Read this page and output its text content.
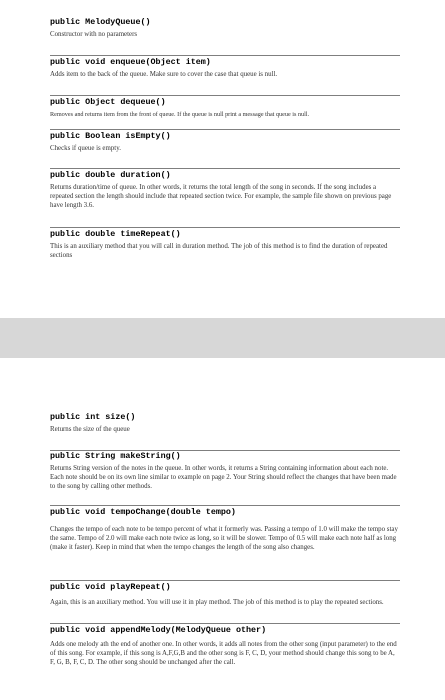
public MelodyQueue()
Constructor with no parameters
public void enqueue(Object item)
Adds item to the back of the queue. Make sure to cover the case that queue is null.
public Object dequeue()
Removes and returns item from the front of queue. If the queue is null print a message that queue is null.
public Boolean isEmpty()
Checks if queue is empty.
public double duration()
Returns duration/time of queue. In other words, it returns the total length of the song in seconds. If the song includes a repeated section the length should include that repeated section twice. For example, the sample file shown on previous page have length 3.6.
public double timeRepeat()
This is an auxiliary method that you will call in duration method. The job of this method is to find the duration of repeated sections
public int size()
Returns the size of the queue
public String makeString()
Returns String version of the notes in the queue. In other words, it returns a String containing information about each note. Each note should be on its own line similar to example on page 2. Your String should reflect the changes that have been made to the song by calling other methods.
public void tempoChange(double tempo)
Changes the tempo of each note to be tempo percent of what it formerly was. Passing a tempo of 1.0 will make the tempo stay the same. Tempo of 2.0 will make each note twice as long, so it will be slower. Tempo of 0.5 will make each note half as long (make it faster). Keep in mind that when the tempo changes the length of the song also changes.
public void playRepeat()
Again, this is an auxiliary method. You will use it in play method. The job of this method is to play the repeated sections.
public void appendMelody(MelodyQueue other)
Adds one melody ath the end of another one. In other words, it adds all notes from the other song (input parameter) to the end of this song. For example, if this song is A,F,G,B and the other song is F, C, D, your method should change this song to be A, F, G, B, F, C, D. The other song should be unchanged after the call.
